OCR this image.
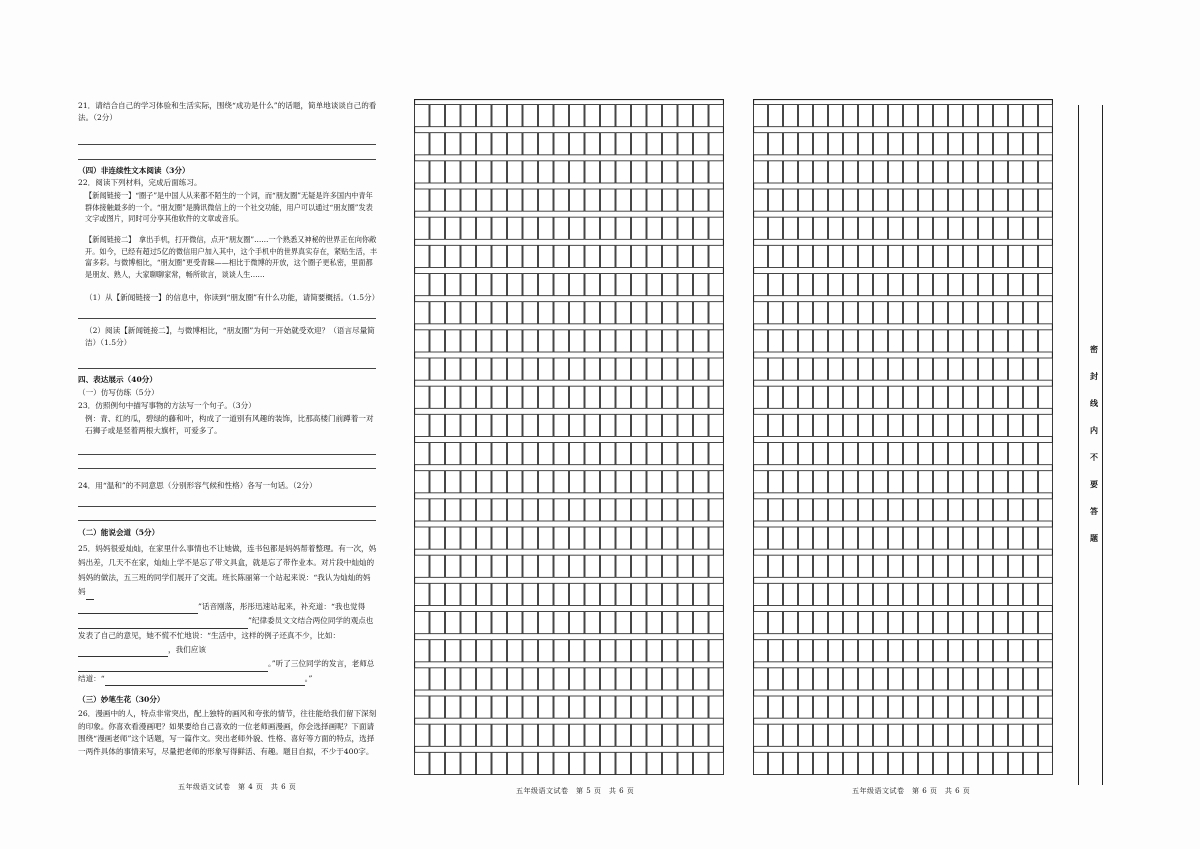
21．请结合自己的学习体验和生活实际，围绕“成功是什么”的话题，简单地谈谈自己的看法。（2分）
（四）非连续性文本阅读（3分）
22．阅读下列材料，完成后面练习。
【新闻链接一】“圈子”是中国人从来都不陌生的一个词，而“朋友圈”无疑是许多国内中青年群体接触最多的一个。“朋友圈”是腾讯微信上的一个社交功能，用户可以通过“朋友圈”发表文字或图片，同时可分享其他软件的文章或音乐。
【新闻链接二】　拿出手机，打开微信，点开“朋友圈”……一个熟悉又神秘的世界正在向你敞开。如今，已经有超过5亿的微信用户加入其中，这个手机中的世界真实存在，紧贴生活，丰富多彩。与微博相比，“朋友圈”更受青睐——相比于微博的开放，这个圈子更私密，里面都是朋友、熟人，大家聊聊家常，畅所欲言，谈谈人生……
（1）从【新闻链接一】的信息中，你读到“朋友圈”有什么功能，请简要概括。（1.5分）
（2）阅读【新闻链接二】，与微博相比，“朋友圈”为何一开始就受欢迎？（语言尽量简洁）（1.5分）
四、表达展示（40分）
（一）仿写仿练（5分）
23．仿照例句中描写事物的方法写一个句子。（3分）
例：青、红的瓜，碧绿的藤和叶，构成了一道别有风趣的装饰，比那高楼门前蹲着一对石狮子或是竖着两根大旗杆，可爱多了。
24．用“温和”的不同意思（分别形容气候和性格）各写一句话。（2分）
（二）能说会道（5分）
25．妈妈很爱灿灿，在家里什么事情也不让她做，连书包都是妈妈帮着整理。有一次，妈妈出差，几天不在家，灿灿上学不是忘了带文具盒，就是忘了带作业本。对片段中灿灿的妈妈的做法，五三班的同学们展开了交流。班长陈丽第一个站起来说：“我认为灿灿的妈妈
”话音刚落，彤彤迅速站起来，补充道：“我也觉得
”纪律委员文文结合两位同学的观点也发表了自己的意见，她不慌不忙地说：“生活中，这样的例子还真不少，比如：，我们应该
。”听了三位同学的发言，老师总结道：“	。”
（三）妙笔生花（30分）
26．漫画中的人，特点非常突出，配上独特的画风和夸张的情节，往往能给我们留下深刻的印象。你喜欢看漫画吧？如果要给自己喜欢的一位老师画漫画，你会选择画呢？下面请围绕“漫画老师”这个话题，写一篇作文。突出老师外貌、性格、喜好等方面的特点，选择一两件具体的事情来写，尽量把老师的形象写得鲜活、有趣。题目自拟，不少于400字。
五年级语文试卷　第 4 页　共 6 页	五年级语文试卷　第 5 页　共 6 页	五年级语文试卷　第 6 页　共 6 页
密
封
线
内
不
要
答
题
